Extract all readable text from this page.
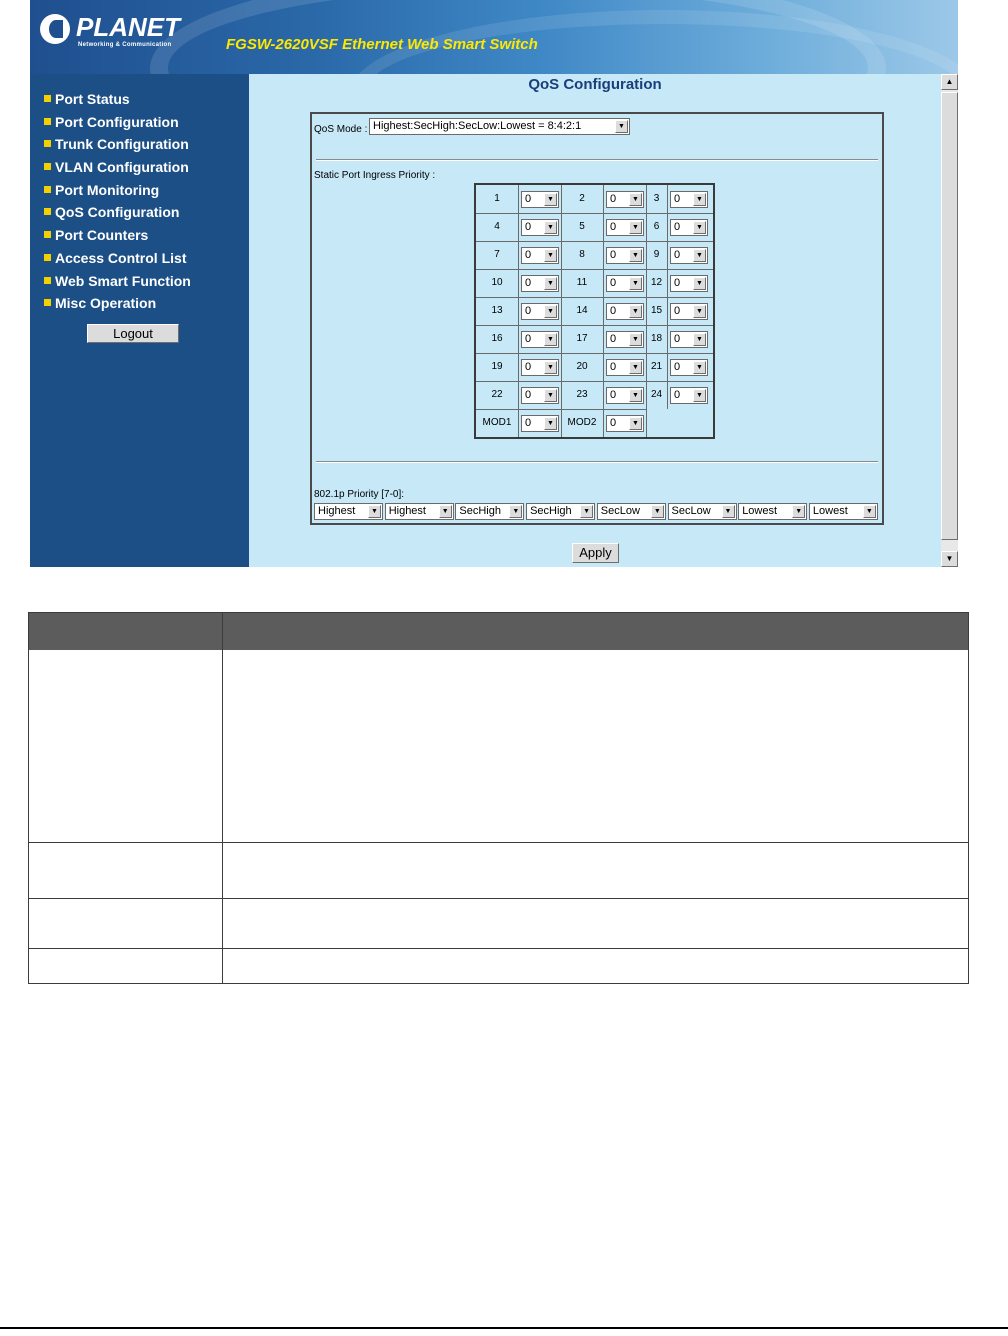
PLANET
Networking & Communication	FGSW-2620VSF Ethernet Web Smart Switch
Port Status
Port Configuration
Trunk Configuration
VLAN Configuration
Port Monitoring
QoS Configuration
Port Counters
Access Control List
Web Smart Function
Misc Operation
Logout
QoS Configuration
QoS Mode : Highest:SecHigh:SecLow:Lowest = 8:4:2:1	▼
Static Port Ingress Priority :
1	0	▼	2	0	▼	3	0	▼
4	0	▼	5	0	▼	6	0	▼
7	0	▼	8	0	▼	9	0	▼
10	0	▼	11	0	▼	12	0	▼
13	0	▼	14	0	▼	15	0	▼
16	0	▼	17	0	▼	18	0	▼
19	0	▼	20	0	▼	21	0	▼
22	0	▼	23	0	▼	24	0	▼
MOD1	0	▼	MOD2	0	▼
802.1p Priority [7-0]:
Highest	▼ Highest	▼ SecHigh	▼ SecHigh	▼ SecLow	▼ SecLow	▼ Lowest	▼ Lowest	▼
Apply
▲
▼
